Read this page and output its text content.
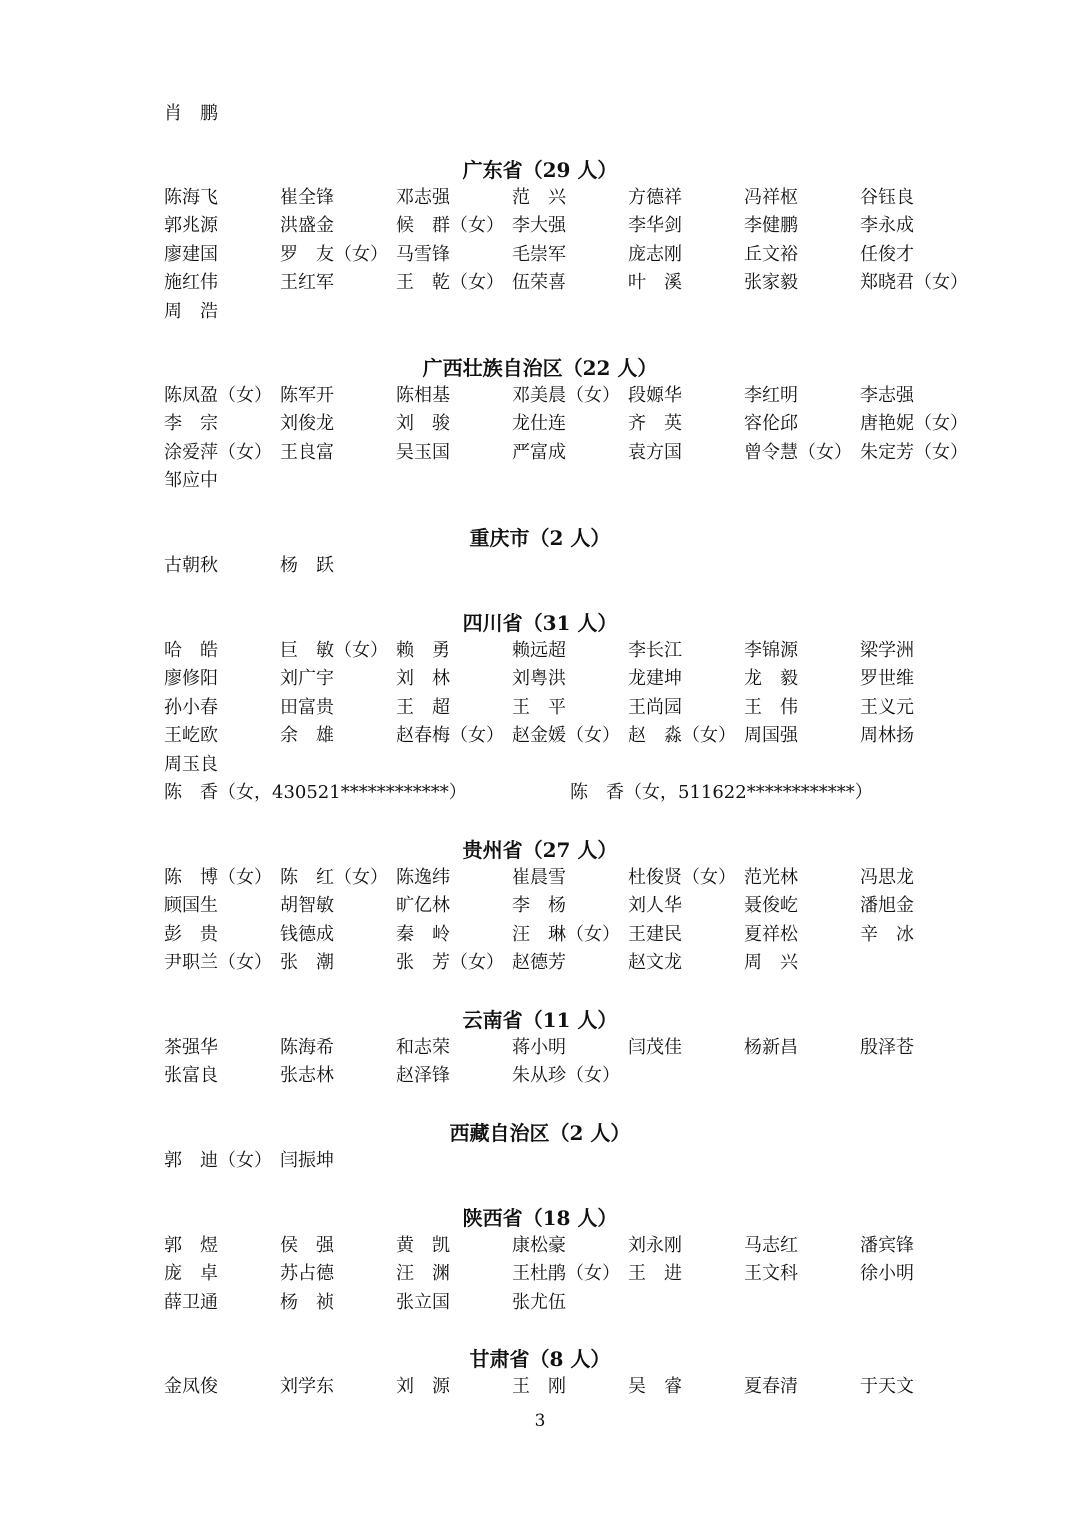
肖　鹏
广东省（29 人）
陈海飞	崔全锋	邓志强	范　兴	方德祥	冯祥枢	谷钰良
郭兆源	洪盛金	候　群（女） 李大强	李华剑	李健鹏	李永成
廖建国	罗　友（女） 马雪锋	毛崇军	庞志刚	丘文裕	任俊才
施红伟	王红军	王　乾（女） 伍荣喜	叶　溪	张家毅	郑晓君（女）
周　浩
广西壮族自治区（22 人）
陈凤盈（女） 陈军开	陈相基	邓美晨（女） 段嫄华	李红明	李志强
李　宗	刘俊龙	刘　骏	龙仕连	齐　英	容伦邱	唐艳妮（女）
涂爱萍（女） 王良富	吴玉国	严富成	袁方国	曾令慧（女） 朱定芳（女）
邹应中
重庆市（2 人）
古朝秋	杨　跃
四川省（31 人）
哈　皓	巨　敏（女） 赖　勇	赖远超	李长江	李锦源	梁学洲
廖修阳	刘广宇	刘　林	刘粤洪	龙建坤	龙　毅	罗世维
孙小春	田富贵	王　超	王　平	王尚园	王　伟	王义元
王屹欧	余　雄	赵春梅（女） 赵金媛（女） 赵　淼（女） 周国强	周林扬
周玉良
陈　香（女，430521************）	陈　香（女，511622************）
贵州省（27 人）
陈　博（女） 陈　红（女） 陈逸纬	崔晨雪	杜俊贤（女） 范光林	冯思龙
顾国生	胡智敏	旷亿林	李　杨	刘人华	聂俊屹	潘旭金
彭　贵	钱德成	秦　岭	汪　琳（女） 王建民	夏祥松	辛　冰
尹职兰（女） 张　潮	张　芳（女） 赵德芳	赵文龙	周　兴
云南省（11 人）
茶强华	陈海希	和志荣	蒋小明	闫茂佳	杨新昌	殷泽苍
张富良	张志林	赵泽锋	朱从珍（女）
西藏自治区（2 人）
郭　迪（女） 闫振坤
陕西省（18 人）
郭　煜	侯　强	黄　凯	康松豪	刘永刚	马志红	潘宾锋
庞　卓	苏占德	汪　渊	王杜鹃（女） 王　进	王文科	徐小明
薛卫通	杨　祯	张立国	张尤伍
甘肃省（8 人）
金凤俊	刘学东	刘　源	王　刚	吴　睿	夏春清	于天文
3
